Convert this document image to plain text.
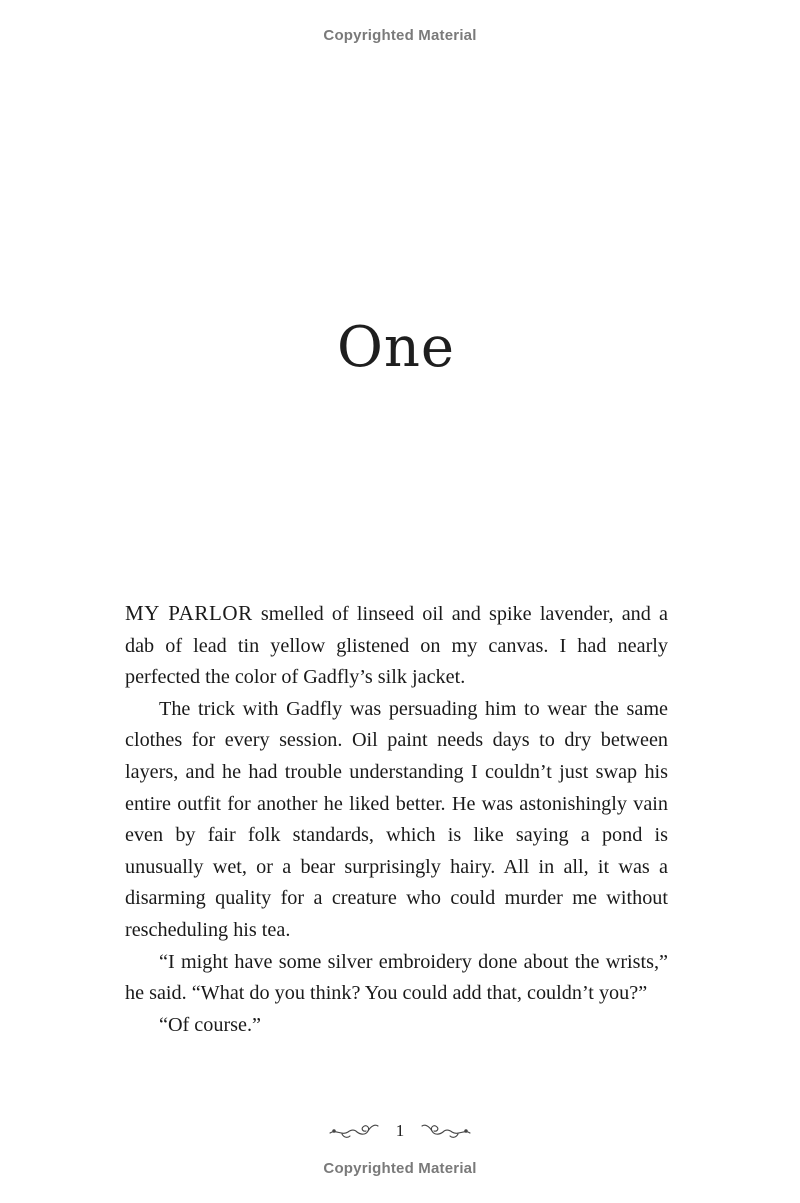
Copyrighted Material
One

MY PARLOR smelled of linseed oil and spike lavender, and a dab of lead tin yellow glistened on my canvas. I had nearly perfected the color of Gadfly’s silk jacket.

The trick with Gadfly was persuading him to wear the same clothes for every session. Oil paint needs days to dry between layers, and he had trouble understanding I couldn’t just swap his entire outfit for another he liked better. He was astonishingly vain even by fair folk standards, which is like saying a pond is unusually wet, or a bear surprisingly hairy. All in all, it was a disarming quality for a creature who could murder me without rescheduling his tea.

“I might have some silver embroidery done about the wrists,” he said. “What do you think? You could add that, couldn’t you?”

“Of course.”

1
Copyrighted Material
